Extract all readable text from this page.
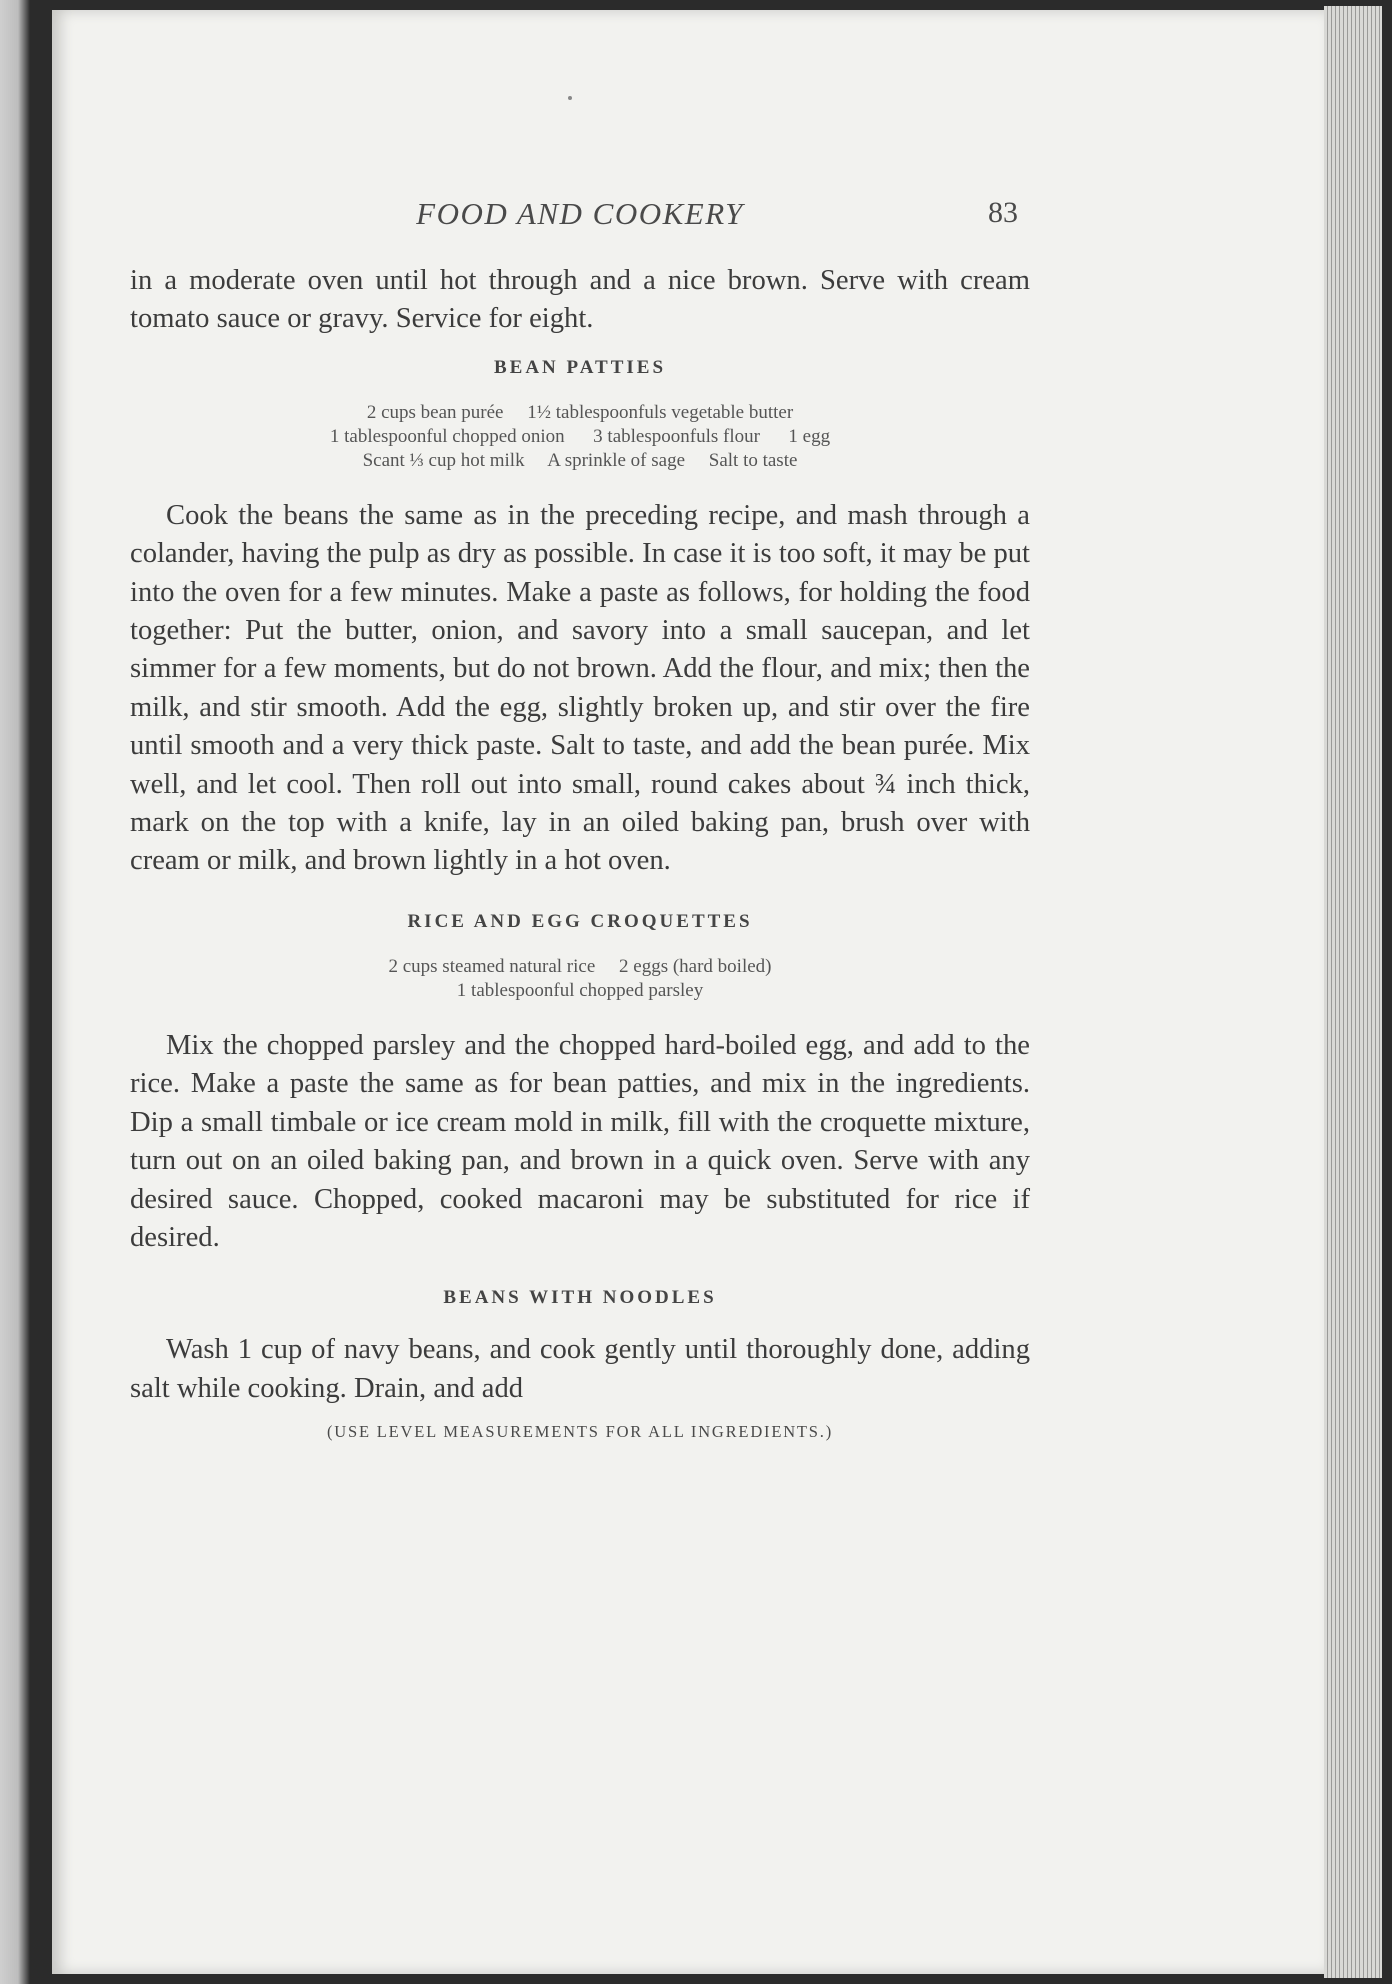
FOOD AND COOKERY	83

in a moderate oven until hot through and a nice brown. Serve with cream tomato sauce or gravy. Service for eight.

BEAN PATTIES
2 cups bean purée     1½ tablespoonfuls vegetable butter
1 tablespoonful chopped onion      3 tablespoonfuls flour      1 egg
Scant ⅓ cup hot milk     A sprinkle of sage     Salt to taste

Cook the beans the same as in the preceding recipe, and mash through a colander, having the pulp as dry as possible. In case it is too soft, it may be put into the oven for a few minutes. Make a paste as follows, for holding the food together: Put the butter, onion, and savory into a small saucepan, and let simmer for a few moments, but do not brown. Add the flour, and mix; then the milk, and stir smooth. Add the egg, slightly broken up, and stir over the fire until smooth and a very thick paste. Salt to taste, and add the bean purée. Mix well, and let cool. Then roll out into small, round cakes about ¾ inch thick, mark on the top with a knife, lay in an oiled baking pan, brush over with cream or milk, and brown lightly in a hot oven.

RICE AND EGG CROQUETTES
2 cups steamed natural rice     2 eggs (hard boiled)
1 tablespoonful chopped parsley

Mix the chopped parsley and the chopped hard-boiled egg, and add to the rice. Make a paste the same as for bean patties, and mix in the ingredients. Dip a small timbale or ice cream mold in milk, fill with the croquette mixture, turn out on an oiled baking pan, and brown in a quick oven. Serve with any desired sauce. Chopped, cooked macaroni may be substituted for rice if desired.

BEANS WITH NOODLES

Wash 1 cup of navy beans, and cook gently until thoroughly done, adding salt while cooking. Drain, and add

(USE LEVEL MEASUREMENTS FOR ALL INGREDIENTS.)
